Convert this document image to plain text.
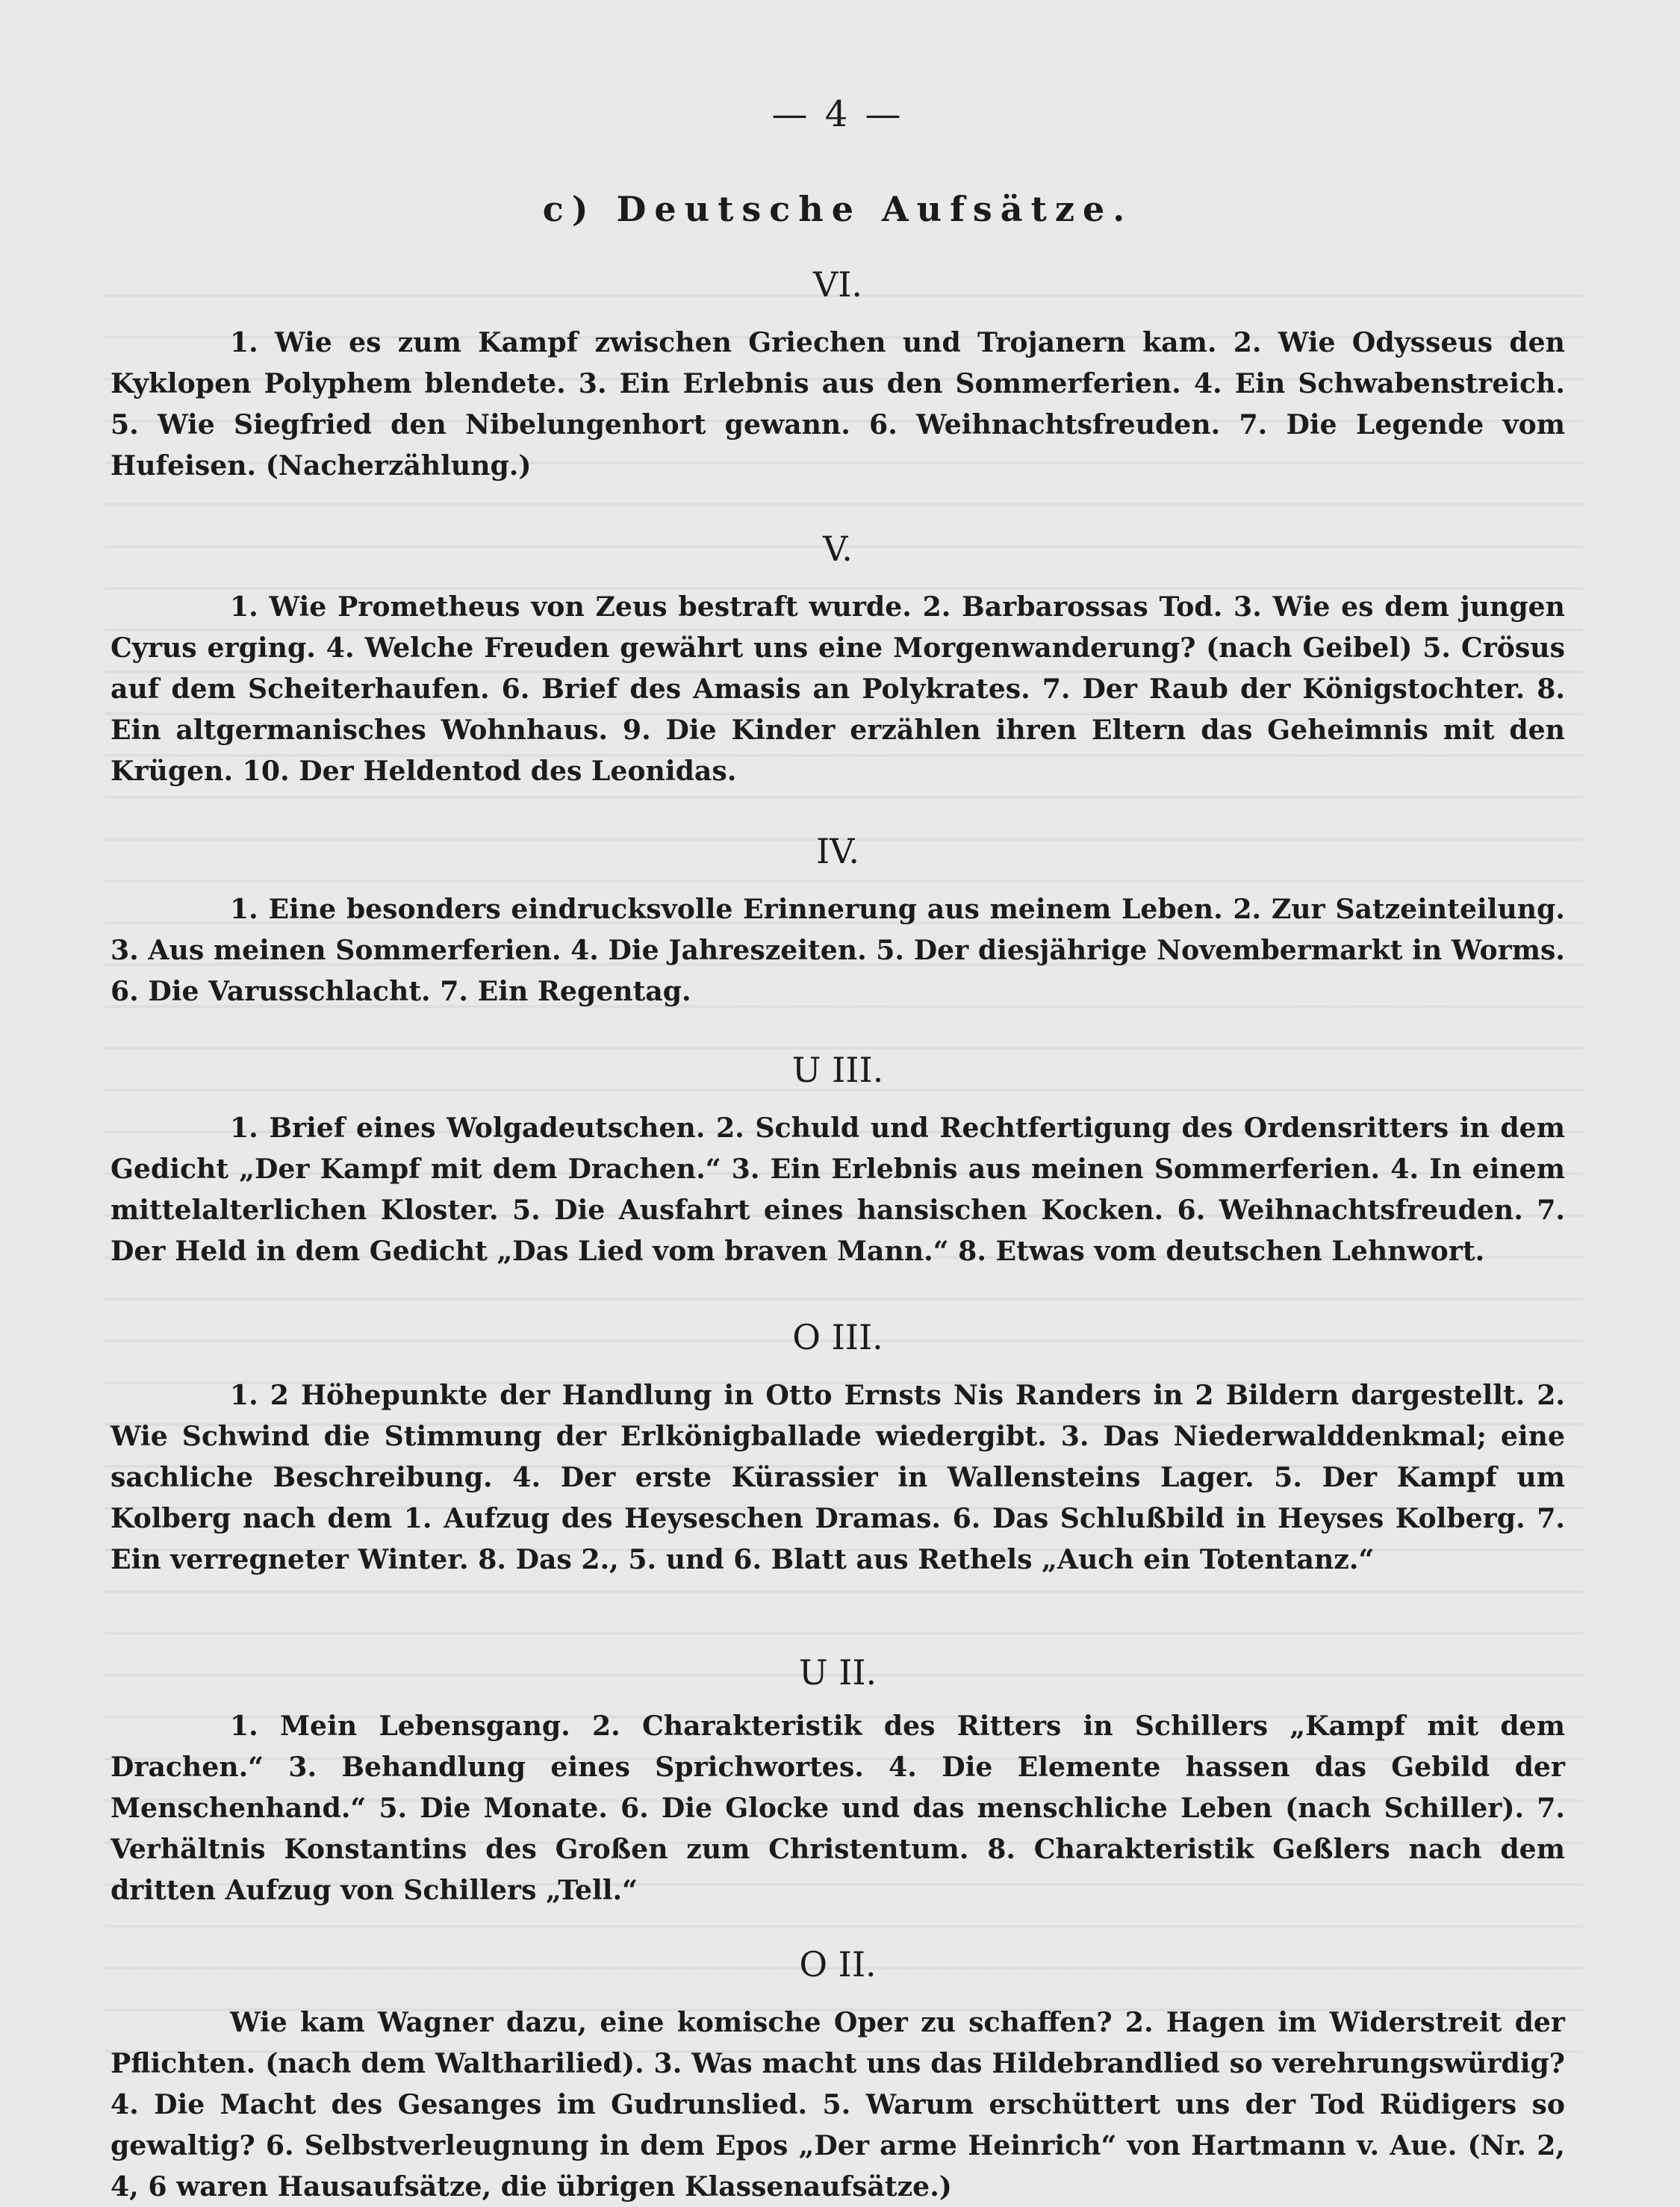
— 4 —
c) Deutsche Aufsätze.
VI.

1. Wie es zum Kampf zwischen Griechen und Trojanern kam. 2. Wie Odysseus den Kyklopen Polyphem blendete. 3. Ein Erlebnis aus den Sommerferien. 4. Ein Schwabenstreich. 5. Wie Siegfried den Nibelungenhort gewann. 6. Weihnachtsfreuden. 7. Die Legende vom Hufeisen. (Nacherzählung.)

V.

1. Wie Prometheus von Zeus bestraft wurde. 2. Barbarossas Tod. 3. Wie es dem jungen Cyrus erging. 4. Welche Freuden gewährt uns eine Morgenwanderung? (nach Geibel) 5. Crösus auf dem Scheiterhaufen. 6. Brief des Amasis an Polykrates. 7. Der Raub der Königstochter. 8. Ein altgermanisches Wohnhaus. 9. Die Kinder erzählen ihren Eltern das Geheimnis mit den Krügen. 10. Der Heldentod des Leonidas.

IV.

1. Eine besonders eindrucksvolle Erinnerung aus meinem Leben. 2. Zur Satzeinteilung. 3. Aus meinen Sommerferien. 4. Die Jahreszeiten. 5. Der diesjährige Novembermarkt in Worms. 6. Die Varusschlacht. 7. Ein Regentag.

U III.

1. Brief eines Wolgadeutschen. 2. Schuld und Rechtfertigung des Ordensritters in dem Gedicht „Der Kampf mit dem Drachen.“ 3. Ein Erlebnis aus meinen Sommerferien. 4. In einem mittelalterlichen Kloster. 5. Die Ausfahrt eines hansischen Kocken. 6. Weihnachtsfreuden. 7. Der Held in dem Gedicht „Das Lied vom braven Mann.“ 8. Etwas vom deutschen Lehnwort.

O III.

1. 2 Höhepunkte der Handlung in Otto Ernsts Nis Randers in 2 Bildern dargestellt. 2. Wie Schwind die Stimmung der Erlkönigballade wiedergibt. 3. Das Niederwalddenkmal; eine sachliche Beschreibung. 4. Der erste Kürassier in Wallensteins Lager. 5. Der Kampf um Kolberg nach dem 1. Aufzug des Heyseschen Dramas. 6. Das Schlußbild in Heyses Kolberg. 7. Ein verregneter Winter. 8. Das 2., 5. und 6. Blatt aus Rethels „Auch ein Totentanz.“

U II.

1. Mein Lebensgang. 2. Charakteristik des Ritters in Schillers „Kampf mit dem Drachen.“ 3. Behandlung eines Sprichwortes. 4. Die Elemente hassen das Gebild der Menschenhand.“ 5. Die Monate. 6. Die Glocke und das menschliche Leben (nach Schiller). 7. Verhältnis Konstantins des Großen zum Christentum. 8. Charakteristik Geßlers nach dem dritten Aufzug von Schillers „Tell.“

O II.

Wie kam Wagner dazu, eine komische Oper zu schaffen? 2. Hagen im Widerstreit der Pflichten. (nach dem Waltharilied). 3. Was macht uns das Hildebrandlied so verehrungswürdig? 4. Die Macht des Gesanges im Gudrunslied. 5. Warum erschüttert uns der Tod Rüdigers so gewaltig? 6. Selbstverleugnung in dem Epos „Der arme Heinrich“ von Hartmann v. Aue. (Nr. 2, 4, 6 waren Hausaufsätze, die übrigen Klassenaufsätze.)
